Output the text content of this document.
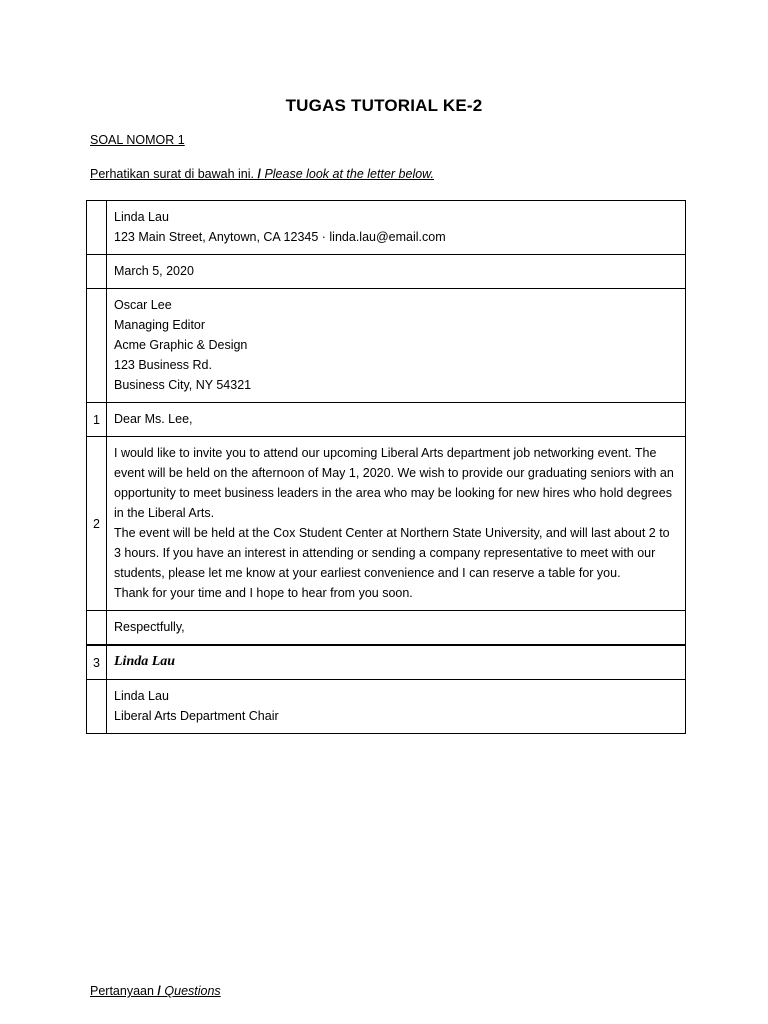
TUGAS TUTORIAL KE-2
SOAL NOMOR 1
Perhatikan surat di bawah ini. / Please look at the letter below.

	Linda Lau
123 Main Street, Anytown, CA 12345 · linda.lau@email.com

	March 5, 2020

	Oscar Lee
Managing Editor
Acme Graphic & Design
123 Business Rd.
Business City, NY 54321

1	Dear Ms. Lee,

2	I would like to invite you to attend our upcoming Liberal Arts department job networking event. The event will be held on the afternoon of May 1, 2020. We wish to provide our graduating seniors with an opportunity to meet business leaders in the area who may be looking for new hires who hold degrees in the Liberal Arts.
The event will be held at the Cox Student Center at Northern State University, and will last about 2 to 3 hours. If you have an interest in attending or sending a company representative to meet with our students, please let me know at your earliest convenience and I can reserve a table for you.
Thank for your time and I hope to hear from you soon.

	Respectfully,

3	Linda Lau

	Linda Lau
Liberal Arts Department Chair
Pertanyaan / Questions
